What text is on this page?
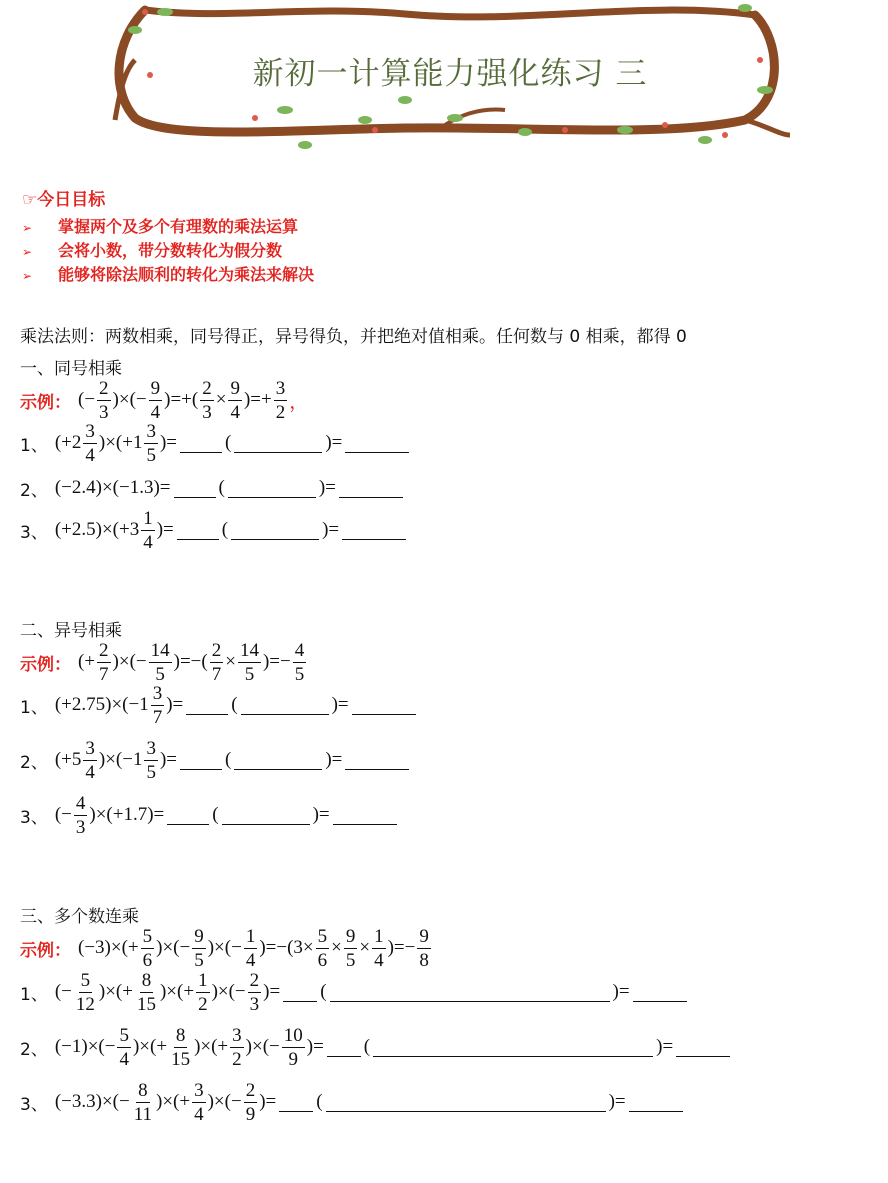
新初一计算能力强化练习 三
☞今日目标
➢ 掌握两个及多个有理数的乘法运算
➢ 会将小数，带分数转化为假分数
➢ 能够将除法顺利的转化为乘法来解决
乘法法则：两数相乘，同号得正，异号得负，并把绝对值相乘。任何数与 0 相乘，都得 0
一、同号相乘
示例： (− $\frac{2}{3}$ )×(− $\frac{9}{4}$ )=+( $\frac{2}{3} \times \frac{9}{4}$ )=+ $\frac{3}{2}$ ，
1、 $(+2 \frac{3}{4} )\times(+1 \frac{3}{5}$ )=	(	)=
2、 (−2.4)×(−1.3)=	(	)=
3、 $(+2.5)\times(+3 \frac{1}{4}$ )=	(	)=
二、异号相乘
示例： (+ $\frac{2}{7}$ )×(− $\frac{14}{5}$ )=−( $\frac{2}{7} \times \frac{14}{5}$ )=− $\frac{4}{5}$
1、 $(+2.75)\times(-1 \frac{3}{7}$ )=	(	)=
2、 $(+5 \frac{3}{4} )\times(-1 \frac{3}{5}$ )=	(	)=
3、 (− $\frac{4}{3} )\times(+1.7)=$	(	)=
三、多个数连乘
示例： $(-3)\times(+ \frac{5}{6}$ )×(− $\frac{9}{5}$ )×(− $\frac{1}{4} )=-(3\times \frac{5}{6} \times \frac{9}{5} \times \frac{1}{4}$ )=− $\frac{9}{8}$
1、 (− $\frac{5}{12}$ )×(+ $\frac{8}{15}$ )×(+ $\frac{1}{2}$ )×(− $\frac{2}{3}$ )= (	)=
2、 $(-1)\times(- \frac{5}{4}$ )×(+ $\frac{8}{15}$ )×(+ $\frac{3}{2}$ )×(− $\frac{10}{9}$ )= (	)=
3、 $(-3.3)\times(- \frac{8}{11}$ )×(+ $\frac{3}{4}$ )×(− $\frac{2}{9}$ )= (	)=
